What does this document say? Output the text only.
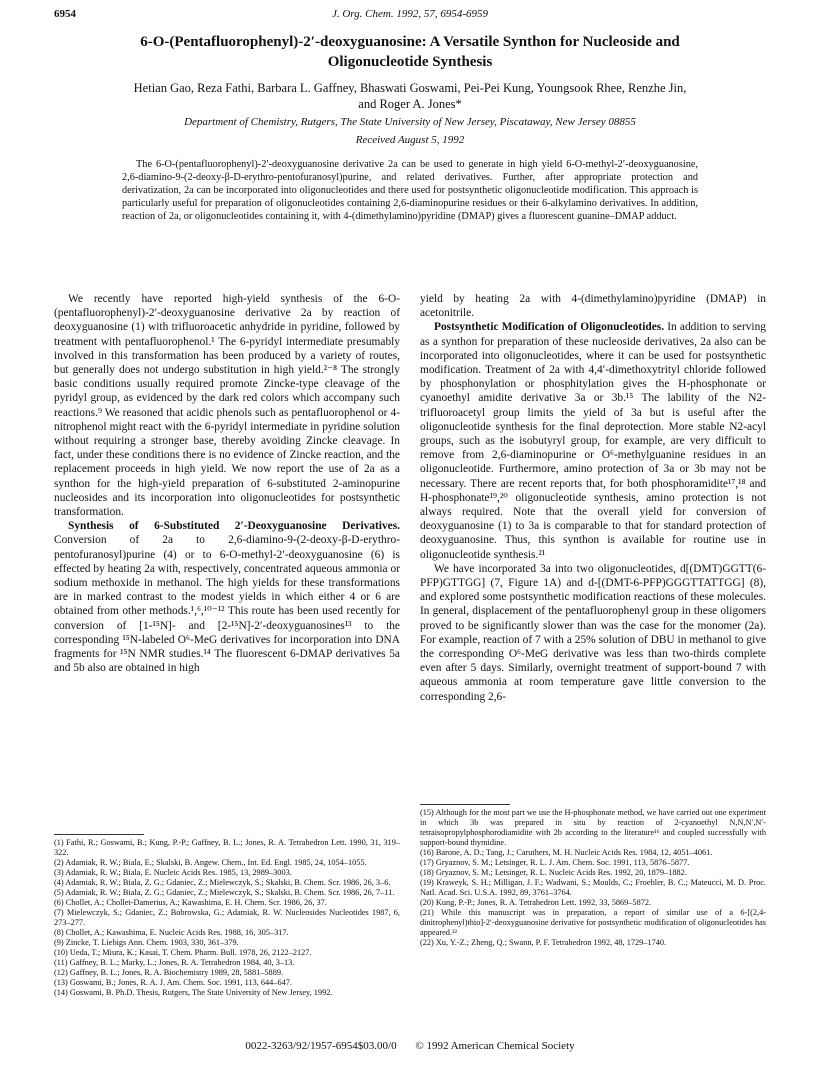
6954	J. Org. Chem. 1992, 57, 6954-6959
6-O-(Pentafluorophenyl)-2′-deoxyguanosine: A Versatile Synthon for Nucleoside and Oligonucleotide Synthesis
Hetian Gao, Reza Fathi, Barbara L. Gaffney, Bhaswati Goswami, Pei-Pei Kung, Youngsook Rhee, Renzhe Jin, and Roger A. Jones*
Department of Chemistry, Rutgers, The State University of New Jersey, Piscataway, New Jersey 08855
Received August 5, 1992

The 6-O-(pentafluorophenyl)-2′-deoxyguanosine derivative 2a can be used to generate in high yield 6-O-methyl-2′-deoxyguanosine, 2,6-diamino-9-(2-deoxy-β-D-erythro-pentofuranosyl)purine, and related derivatives. Further, after appropriate protection and derivatization, 2a can be incorporated into oligonucleotides and there used for postsynthetic oligonucleotide modification. This approach is particularly useful for preparation of oligonucleotides containing 2,6-diaminopurine residues or their 6-alkylamino derivatives. In addition, reaction of 2a, or oligonucleotides containing it, with 4-(dimethylamino)pyridine (DMAP) gives a fluorescent guanine–DMAP adduct.

We recently have reported high-yield synthesis of the 6-O-(pentafluorophenyl)-2′-deoxyguanosine derivative 2a by reaction of deoxyguanosine (1) with trifluoroacetic anhydride in pyridine, followed by treatment with pentafluorophenol.¹ The 6-pyridyl intermediate presumably involved in this transformation has been produced by a variety of routes, but generally does not undergo substitution in high yield.²⁻⁸ The strongly basic conditions usually required promote Zincke-type cleavage of the pyridyl group, as evidenced by the dark red colors which accompany such reactions.⁹ We reasoned that acidic phenols such as pentafluorophenol or 4-nitrophenol might react with the 6-pyridyl intermediate in pyridine solution without requiring a stronger base, thereby avoiding Zincke cleavage. In fact, under these conditions there is no evidence of Zincke reaction, and the replacement proceeds in high yield. We now report the use of 2a as a synthon for the high-yield preparation of 6-substituted 2-aminopurine nucleosides and its incorporation into oligonucleotides for postsynthetic transformation.

Synthesis of 6-Substituted 2′-Deoxyguanosine Derivatives. Conversion of 2a to 2,6-diamino-9-(2-deoxy-β-D-erythro-pentofuranosyl)purine (4) or to 6-O-methyl-2′-deoxyguanosine (6) is effected by heating 2a with, respectively, concentrated aqueous ammonia or sodium methoxide in methanol. The high yields for these transformations are in marked contrast to the modest yields in which either 4 or 6 are obtained from other methods.¹,⁶,¹⁰⁻¹² This route has been used recently for conversion of [1-¹⁵N]- and [2-¹⁵N]-2′-deoxyguanosines¹³ to the corresponding ¹⁵N-labeled O⁶-MeG derivatives for incorporation into DNA fragments for ¹⁵N NMR studies.¹⁴ The fluorescent 6-DMAP derivatives 5a and 5b also are obtained in high

yield by heating 2a with 4-(dimethylamino)pyridine (DMAP) in acetonitrile.

Postsynthetic Modification of Oligonucleotides. In addition to serving as a synthon for preparation of these nucleoside derivatives, 2a also can be incorporated into oligonucleotides, where it can be used for postsynthetic modification. Treatment of 2a with 4,4′-dimethoxytrityl chloride followed by phosphonylation or phosphitylation gives the H-phosphonate or cyanoethyl amidite derivative 3a or 3b.¹⁵ The lability of the N2-trifluoroacetyl group limits the yield of 3a but is useful after the oligonucleotide synthesis for the final deprotection. More stable N2-acyl groups, such as the isobutyryl group, for example, are very difficult to remove from 2,6-diaminopurine or O⁶-methylguanine residues in an oligonucleotide. Furthermore, amino protection of 3a or 3b may not be necessary. There are recent reports that, for both phosphoramidite¹⁷,¹⁸ and H-phosphonate¹⁹,²⁰ oligonucleotide synthesis, amino protection is not always required. Note that the overall yield for conversion of deoxyguanosine (1) to 3a is comparable to that for standard protection of deoxyguanosine. Thus, this synthon is available for routine use in oligonucleotide synthesis.²¹

We have incorporated 3a into two oligonucleotides, d[(DMT)GGTT(6-PFP)GTTGG] (7, Figure 1A) and d-[(DMT-6-PFP)GGGTTATTGG] (8), and explored some postsynthetic modification reactions of these molecules. In general, displacement of the pentafluorophenyl group in these oligomers proved to be significantly slower than was the case for the monomer (2a). For example, reaction of 7 with a 25% solution of DBU in methanol to give the corresponding O⁶-MeG derivative was less than two-thirds complete even after 5 days. Similarly, overnight treatment of support-bound 7 with aqueous ammonia at room temperature gave little conversion to the corresponding 2,6-

(1) Fathi, R.; Goswami, B.; Kung, P.-P.; Gaffney, B. L.; Jones, R. A. Tetrahedron Lett. 1990, 31, 319–322.
(2) Adamiak, R. W.; Biala, E.; Skalski, B. Angew. Chem., Int. Ed. Engl. 1985, 24, 1054–1055.
(3) Adamiak, R. W.; Biala, E. Nucleic Acids Res. 1985, 13, 2989–3003.
(4) Adamiak, R. W.; Biala, Z. G.; Gdaniec, Z.; Mielewczyk, S.; Skalski, B. Chem. Scr. 1986, 26, 3–6.
(5) Adamiak, R. W.; Biala, Z. G.; Gdaniec, Z.; Mielewczyk, S.; Skalski, B. Chem. Scr. 1986, 26, 7–11.
(6) Chollet, A.; Chollet-Damerius, A.; Kawashima, E. H. Chem. Scr. 1986, 26, 37.
(7) Mielewczyk, S.; Gdaniec, Z.; Bobrowska, G.; Adamiak, R. W. Nucleosides Nucleotides 1987, 6, 273–277.
(8) Chollet, A.; Kawashima, E. Nucleic Acids Res. 1988, 16, 305–317.
(9) Zincke, T. Liebigs Ann. Chem. 1903, 330, 361–379.
(10) Ueda, T.; Miura, K.; Kasai, T. Chem. Pharm. Bull. 1978, 26, 2122–2127.
(11) Gaffney, B. L.; Marky, L.; Jones, R. A. Tetrahedron 1984, 40, 3–13.
(12) Gaffney, B. L.; Jones, R. A. Biochemistry 1989, 28, 5881–5889.
(13) Goswami, B.; Jones, R. A. J. Am. Chem. Soc. 1991, 113, 644–647.
(14) Goswami, B. Ph.D. Thesis, Rutgers, The State University of New Jersey, 1992.
(15) Although for the most part we use the H-phosphonate method, we have carried out one experiment in which 3b was prepared in situ by reaction of 2-cyanoethyl N,N,N′,N′-tetraisopropylphosphorodiamidite with 2b according to the literature¹⁶ and coupled successfully with support-bound thymidine.
(16) Barone, A. D.; Tang, J.; Caruthers, M. H. Nucleic Acids Res. 1984, 12, 4051–4061.
(17) Gryaznov, S. M.; Letsinger, R. L. J. Am. Chem. Soc. 1991, 113, 5876–5877.
(18) Gryaznov, S. M.; Letsinger, R. L. Nucleic Acids Res. 1992, 20, 1879–1882.
(19) Kraweyk, S. H.; Milligan, J. F.; Wadwani, S.; Moulds, C.; Froehler, B. C.; Mateucci, M. D. Proc. Natl. Acad. Sci. U.S.A. 1992, 89, 3761–3764.
(20) Kung, P.-P.; Jones, R. A. Tetrahedron Lett. 1992, 33, 5869–5872.
(21) While this manuscript was in preparation, a report of similar use of a 6-[(2,4-dinitrophenyl)thio]-2′-deoxyguanosine derivative for postsynthetic modification of oligonucleotides has appeared.²²
(22) Xu, Y.-Z.; Zheng, Q.; Swann, P. F. Tetrahedron 1992, 48, 1729–1740.
0022-3263/92/1957-6954$03.00/0 © 1992 American Chemical Society
